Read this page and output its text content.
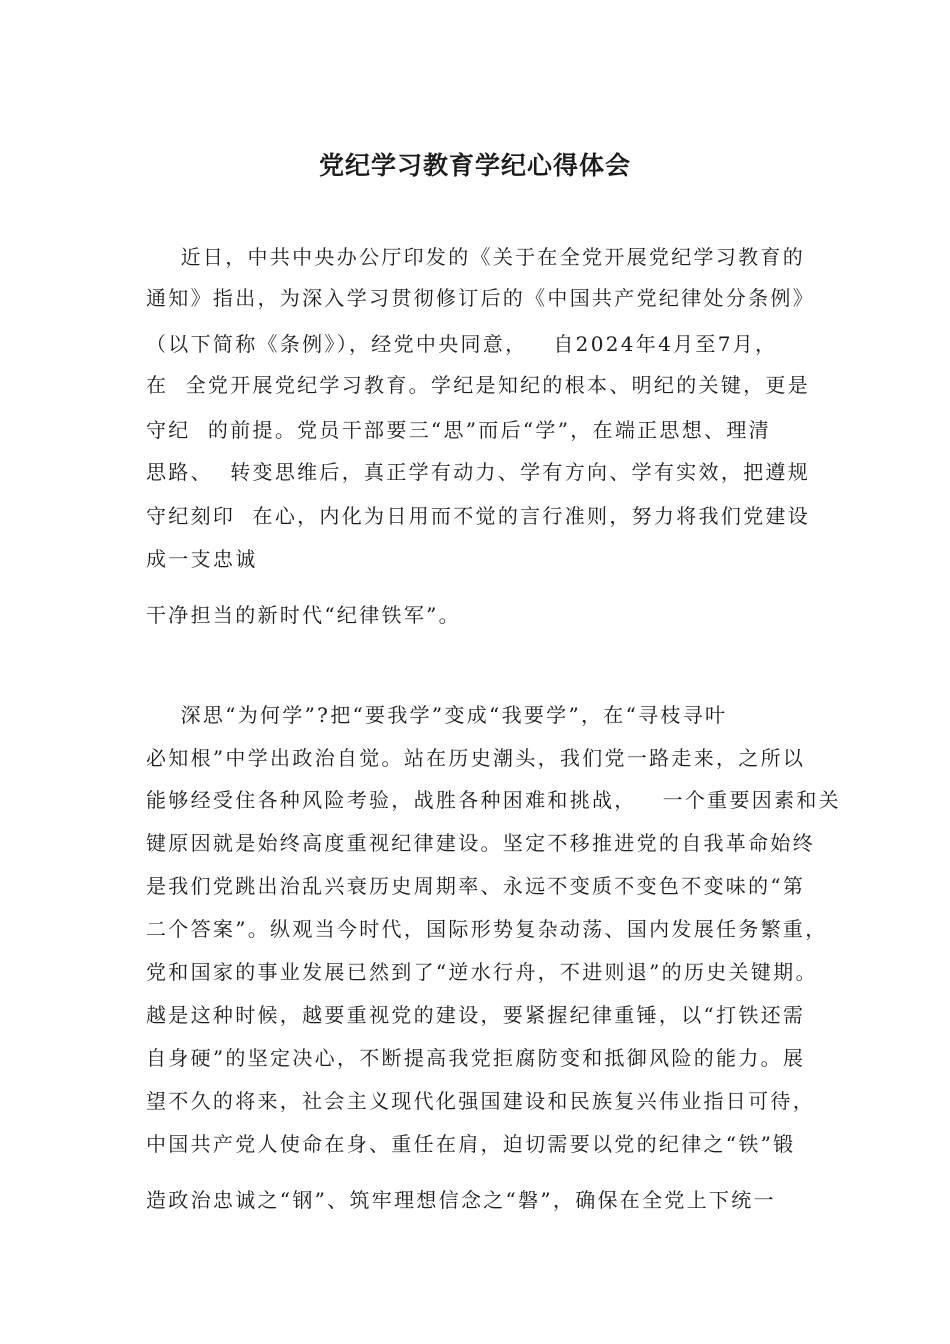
党纪学习教育学纪心得体会

近日，中共中央办公厅印发的《关于在全党开展党纪学习教育的

通知》指出，为深入学习贯彻修订后的《中国共产党纪律处分条例》

（以下简称《条例》），经党中央同意，   自2024年4月至7月，

在  全党开展党纪学习教育。学纪是知纪的根本、明纪的关键，更是

守纪  的前提。党员干部要三“思”而后“学”，在端正思想、理清

思路、  转变思维后，真正学有动力、学有方向、学有实效，把遵规

守纪刻印  在心，内化为日用而不觉的言行准则，努力将我们党建设

成一支忠诚

干净担当的新时代“纪律铁军”。

深思“为何学”?把“要我学”变成“我要学”，在“寻枝寻叶

必知根”中学出政治自觉。站在历史潮头，我们党一路走来，之所以

能够经受住各种风险考验，战胜各种困难和挑战，   一个重要因素和关

键原因就是始终高度重视纪律建设。坚定不移推进党的自我革命始终

是我们党跳出治乱兴衰历史周期率、永远不变质不变色不变味的“第

二个答案”。纵观当今时代，国际形势复杂动荡、国内发展任务繁重，

党和国家的事业发展已然到了“逆水行舟，不进则退”的历史关键期。

越是这种时候，越要重视党的建设，要紧握纪律重锤，以“打铁还需

自身硬”的坚定决心，不断提高我党拒腐防变和抵御风险的能力。展

望不久的将来，社会主义现代化强国建设和民族复兴伟业指日可待，

中国共产党人使命在身、重任在肩，迫切需要以党的纪律之“铁”锻

造政治忠诚之“钢”、筑牢理想信念之“磐”，确保在全党上下统一
